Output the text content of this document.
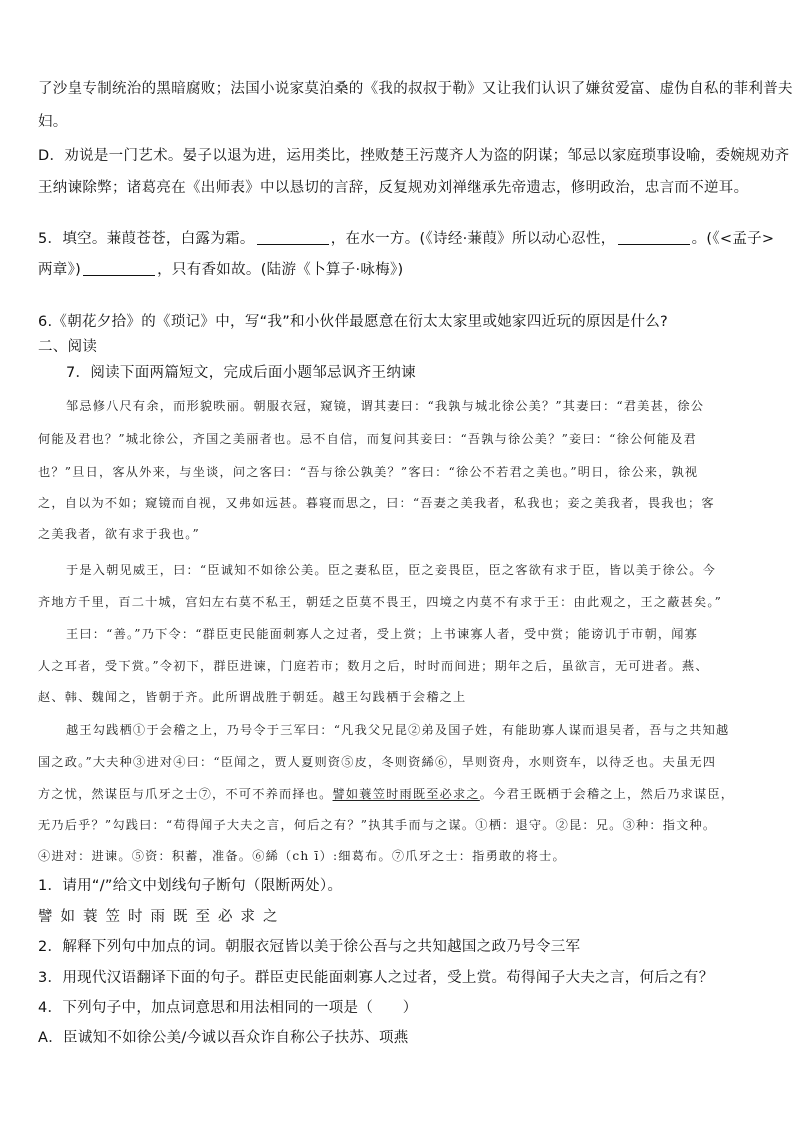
了沙皇专制统治的黑暗腐败；法国小说家莫泊桑的《我的叔叔于勒》又让我们认识了嫌贫爱富、虚伪自私的菲利普夫
妇。
D．劝说是一门艺术。晏子以退为进，运用类比，挫败楚王污蔑齐人为盗的阴谋；邹忌以家庭琐事设喻，委婉规劝齐
王纳谏除弊；诸葛亮在《出师表》中以恳切的言辞，反复规劝刘禅继承先帝遗志，修明政治，忠言而不逆耳。
5．填空。蒹葭苍苍，白露为霜。	，在水一方。(《诗经·蒹葭》所以动心忍性，	。(《<孟子>
两章》)	，只有香如故。(陆游《卜算子·咏梅》)
6.《朝花夕拾》的《琐记》中，写“我”和小伙伴最愿意在衍太太家里或她家四近玩的原因是什么?
二、阅读
7．阅读下面两篇短文，完成后面小题邹忌讽齐王纳谏
邹忌修八尺有余，而形貌昳丽。朝服衣冠，窥镜，谓其妻曰：“我孰与城北徐公美？”其妻曰：“君美甚，徐公
何能及君也？”城北徐公，齐国之美丽者也。忌不自信，而复问其妾曰：“吾孰与徐公美？”妾曰：“徐公何能及君
也？”旦日，客从外来，与坐谈，问之客曰：“吾与徐公孰美？”客曰：“徐公不若君之美也。”明日，徐公来，孰视
之，自以为不如；窥镜而自视，又弗如远甚。暮寝而思之，曰：“吾妻之美我者，私我也；妾之美我者，畏我也；客
之美我者，欲有求于我也。”
于是入朝见威王，曰：“臣诚知不如徐公美。臣之妻私臣，臣之妾畏臣，臣之客欲有求于臣，皆以美于徐公。今
齐地方千里，百二十城，宫妇左右莫不私王，朝廷之臣莫不畏王，四境之内莫不有求于王：由此观之，王之蔽甚矣。”
王曰：“善。”乃下令：“群臣吏民能面刺寡人之过者，受上赏；上书谏寡人者，受中赏；能谤讥于市朝，闻寡
人之耳者，受下赏。”令初下，群臣进谏，门庭若市；数月之后，时时而间进；期年之后，虽欲言，无可进者。燕、
赵、韩、魏闻之，皆朝于齐。此所谓战胜于朝廷。越王勾践栖于会稽之上
越王勾践栖①于会稽之上，乃号令于三军曰：“凡我父兄昆②弟及国子姓，有能助寡人谋而退吴者，吾与之共知越
国之政。”大夫种③进对④曰：“臣闻之，贾人夏则资⑤皮，冬则资絺⑥，旱则资舟，水则资车，以待乏也。夫虽无四
方之忧，然谋臣与爪牙之士⑦，不可不养而择也。譬如蓑笠时雨既至必求之。今君王既栖于会稽之上，然后乃求谋臣，
无乃后乎？”勾践曰：“苟得闻子大夫之言，何后之有？”执其手而与之谋。①栖：退守。②昆：兄。③种：指文种。
④进对：进谏。⑤资：积蓄，准备。⑥絺（ch ī）:细葛布。⑦爪牙之士：指勇敢的将士。
1．请用“/”给文中划线句子断句（限断两处）。
譬如蓑笠时雨既至必求之
2．解释下列句中加点的词。朝服衣冠皆以美于徐公吾与之共知越国之政乃号令三军
3．用现代汉语翻译下面的句子。群臣吏民能面刺寡人之过者，受上赏。苟得闻子大夫之言，何后之有？
4．下列句子中，加点词意思和用法相同的一项是（　　）
A．臣诚知不如徐公美/今诚以吾众诈自称公子扶苏、项燕
